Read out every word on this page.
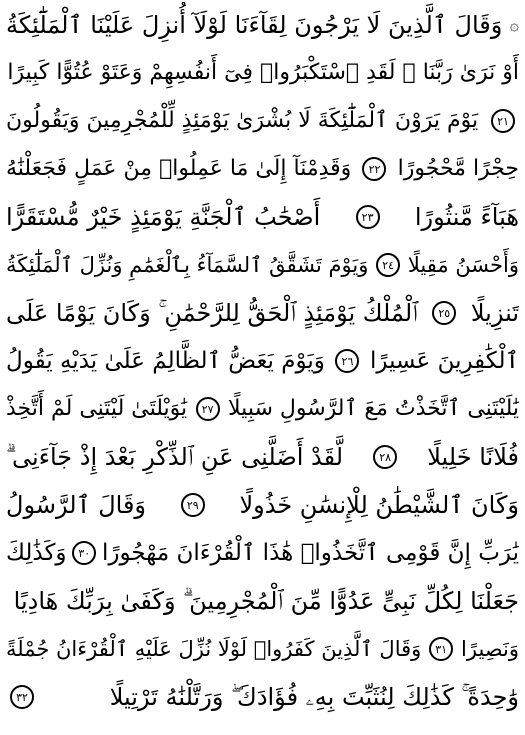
۞
وَقَالَ ٱلَّذِينَ لَا يَرْجُونَ لِقَآءَنَا لَوْلَآ أُنزِلَ عَلَيْنَا ٱلْمَلَٰٓئِكَةُ
أَوْ نَرَىٰ رَبَّنَا ۗ لَقَدِ ٱسْتَكْبَرُوا۟ فِىٓ أَنفُسِهِمْ وَعَتَوْ عُتُوًّا كَبِيرًا
٢١
يَوْمَ يَرَوْنَ ٱلْمَلَٰٓئِكَةَ لَا بُشْرَىٰ يَوْمَئِذٍ لِّلْمُجْرِمِينَ وَيَقُولُونَ
حِجْرًا مَّحْجُورًا
٢٢
وَقَدِمْنَآ إِلَىٰ مَا عَمِلُوا۟ مِنْ عَمَلٍ فَجَعَلْنَٰهُ
هَبَآءً مَّنثُورًا
٢٣
أَصْحَٰبُ ٱلْجَنَّةِ يَوْمَئِذٍ خَيْرٌ مُّسْتَقَرًّا
وَأَحْسَنُ مَقِيلًا
٢٤
وَيَوْمَ تَشَقَّقُ ٱلسَّمَآءُ بِٱلْغَمَٰمِ وَنُزِّلَ ٱلْمَلَٰٓئِكَةُ
تَنزِيلًا
٢٥
ٱلْمُلْكُ يَوْمَئِذٍ ٱلْحَقُّ لِلرَّحْمَٰنِ ۚ وَكَانَ يَوْمًا عَلَى
ٱلْكَٰفِرِينَ عَسِيرًا
٢٦
وَيَوْمَ يَعَضُّ ٱلظَّالِمُ عَلَىٰ يَدَيْهِ يَقُولُ
يَٰلَيْتَنِى ٱتَّخَذْتُ مَعَ ٱلرَّسُولِ سَبِيلًا
٢٧
يَٰوَيْلَتَىٰ لَيْتَنِى لَمْ أَتَّخِذْ
فُلَانًا خَلِيلًا
٢٨
لَّقَدْ أَضَلَّنِى عَنِ ٱلذِّكْرِ بَعْدَ إِذْ جَآءَنِى ۗ
وَكَانَ ٱلشَّيْطَٰنُ لِلْإِنسَٰنِ خَذُولًا
٢٩
وَقَالَ ٱلرَّسُولُ
يَٰرَبِّ إِنَّ قَوْمِى ٱتَّخَذُوا۟ هَٰذَا ٱلْقُرْءَانَ مَهْجُورًا
٣٠
وَكَذَٰلِكَ
جَعَلْنَا لِكُلِّ نَبِىٍّ عَدُوًّا مِّنَ ٱلْمُجْرِمِينَ ۗ وَكَفَىٰ بِرَبِّكَ هَادِيًا
وَنَصِيرًا
٣١
وَقَالَ ٱلَّذِينَ كَفَرُوا۟ لَوْلَا نُزِّلَ عَلَيْهِ ٱلْقُرْءَانُ جُمْلَةً
وَٰحِدَةً ۚ كَذَٰلِكَ لِنُثَبِّتَ بِهِۦ فُؤَادَكَ ۖ وَرَتَّلْنَٰهُ تَرْتِيلًا
٣٢
